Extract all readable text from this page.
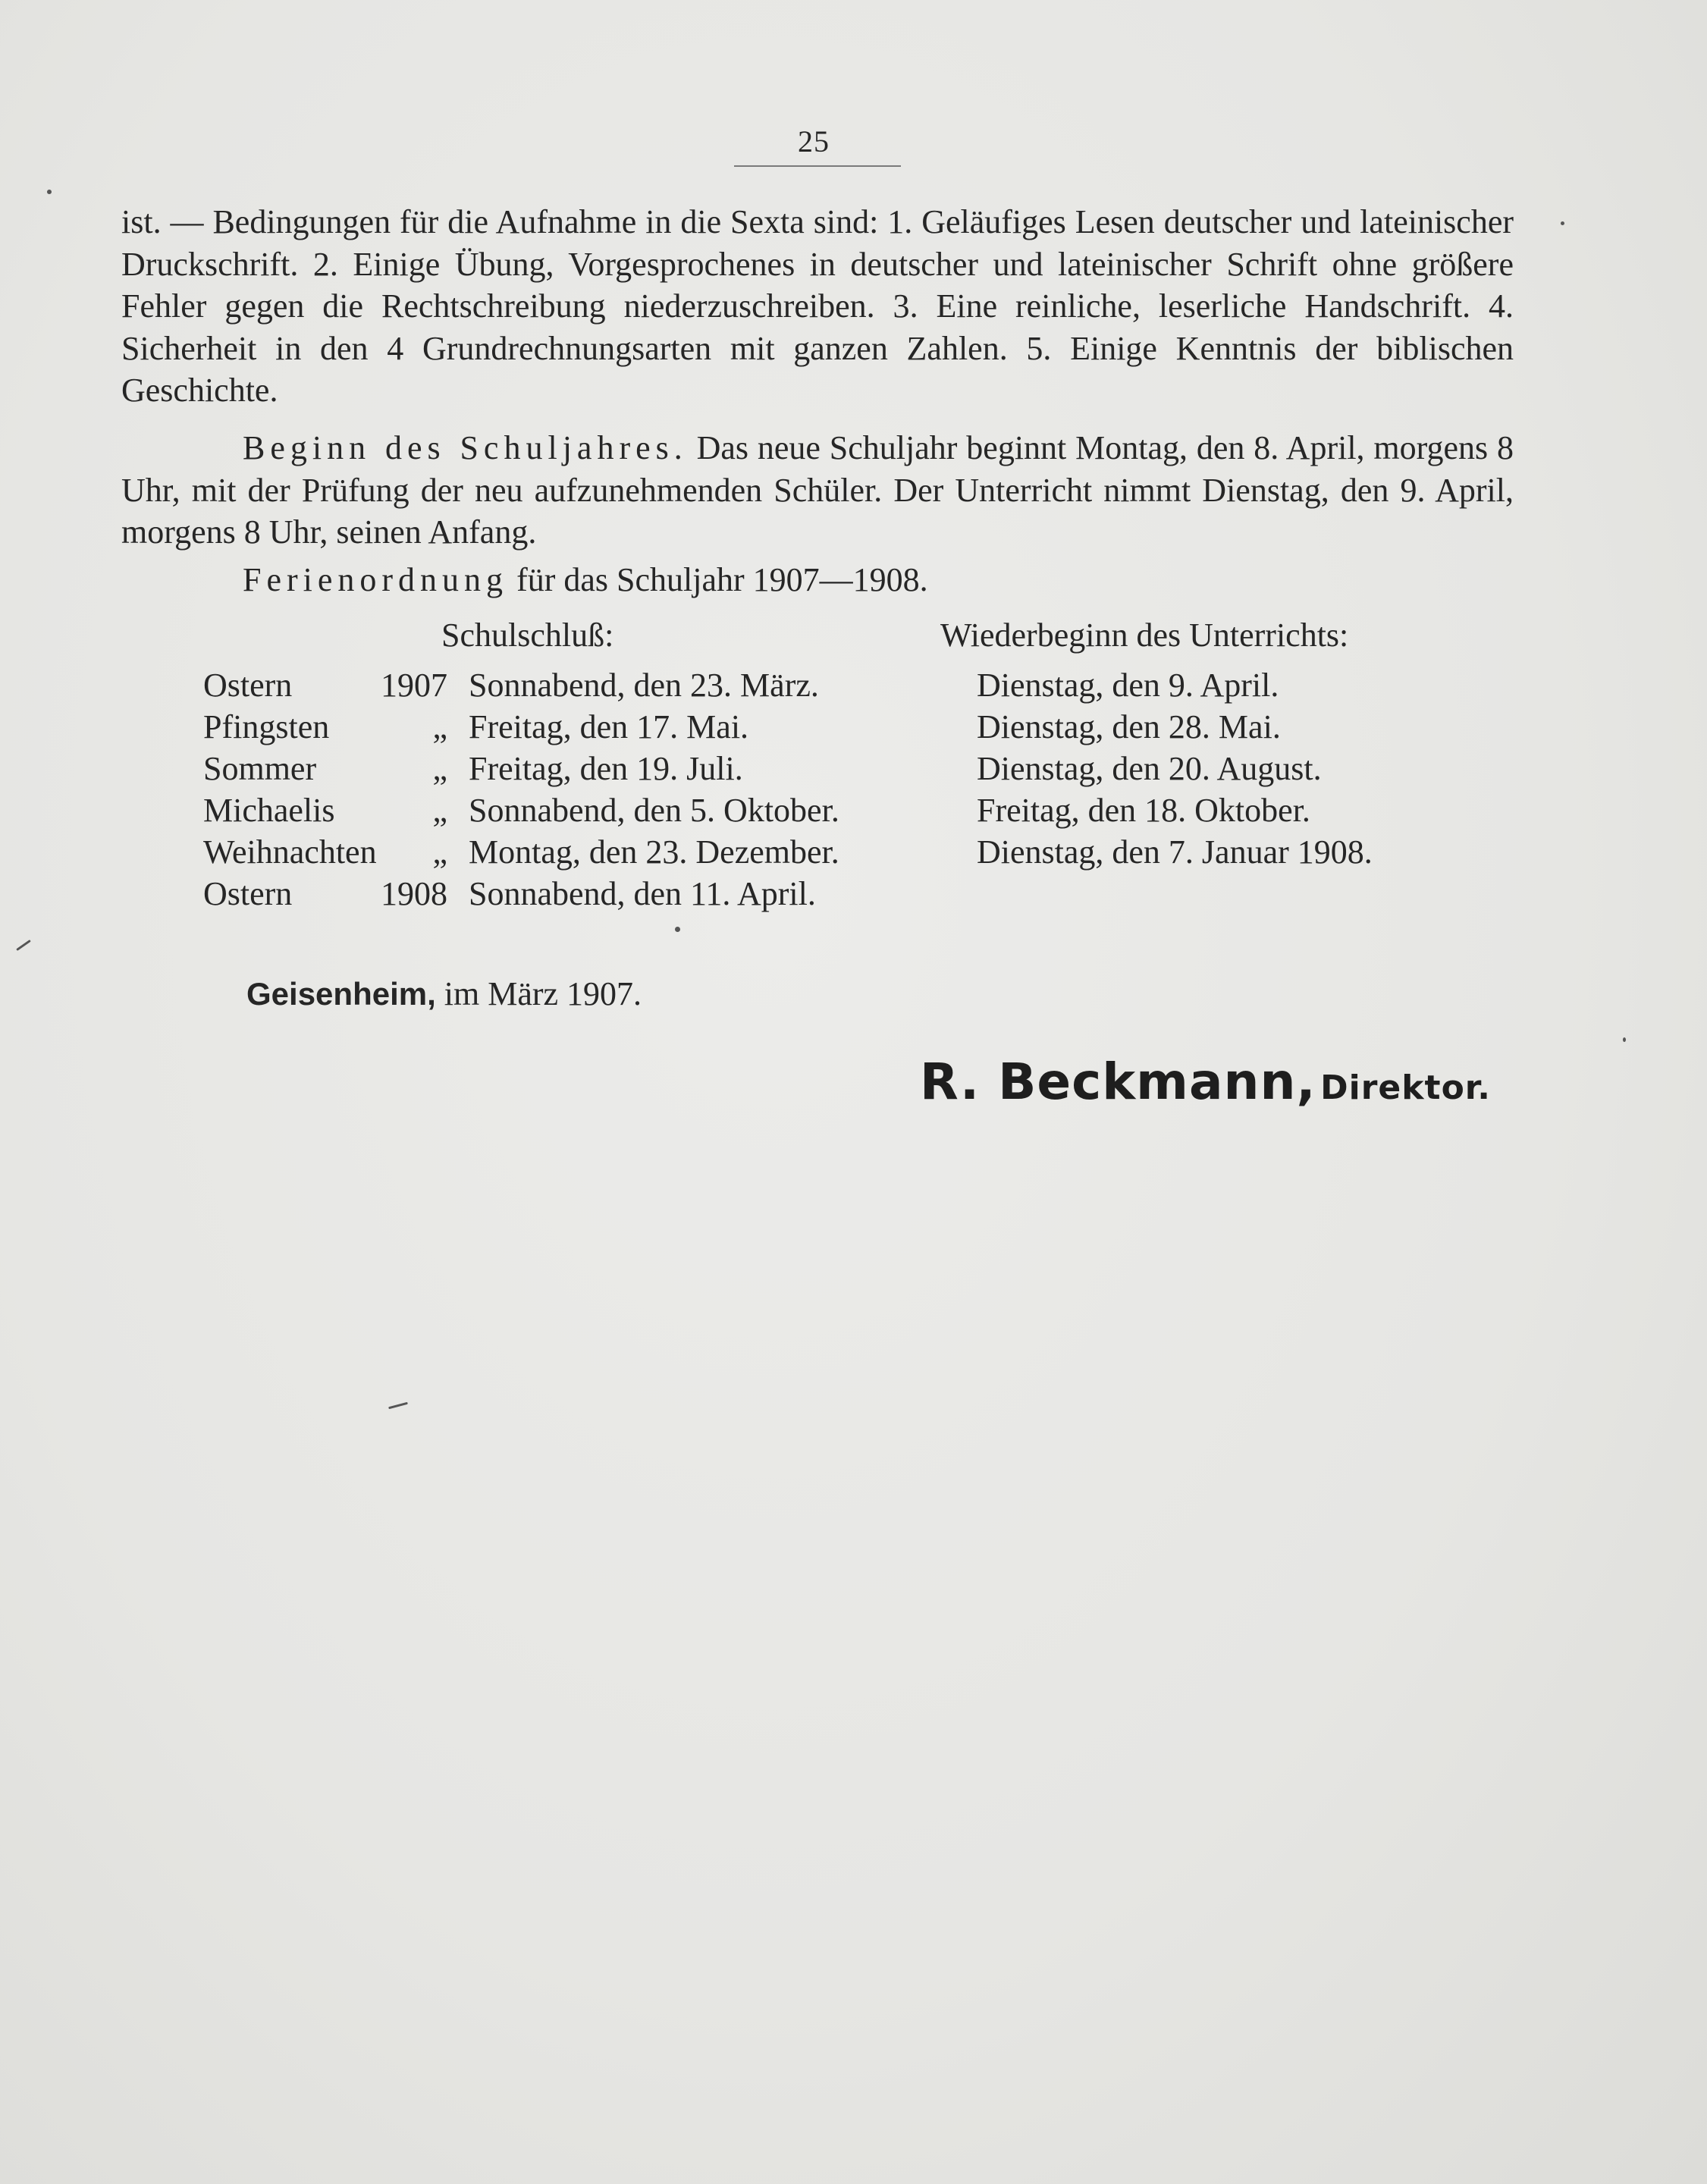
25
ist. — Bedingungen für die Aufnahme in die Sexta sind: 1. Geläufiges Lesen deutscher und lateinischer Druckschrift. 2. Einige Übung, Vorgesprochenes in deutscher und lateinischer Schrift ohne größere Fehler gegen die Rechtschreibung niederzuschreiben. 3. Eine reinliche, leserliche Handschrift. 4. Sicherheit in den 4 Grundrechnungsarten mit ganzen Zahlen. 5. Einige Kenntnis der biblischen Geschichte.
Beginn des Schuljahres. Das neue Schuljahr beginnt Montag, den 8. April, morgens 8 Uhr, mit der Prüfung der neu aufzunehmenden Schüler. Der Unterricht nimmt Dienstag, den 9. April, morgens 8 Uhr, seinen Anfang.
Ferienordnung für das Schuljahr 1907—1908.
Schulschluß:	Wiederbeginn des Unterrichts:
Ostern	1907 Sonnabend, den 23. März.	Dienstag, den 9. April.
Pfingsten	„ Freitag, den 17. Mai.	Dienstag, den 28. Mai.
Sommer	„ Freitag, den 19. Juli.	Dienstag, den 20. August.
Michaelis	„ Sonnabend, den 5. Oktober.	Freitag, den 18. Oktober.
Weihnachten	„ Montag, den 23. Dezember.	Dienstag, den 7. Januar 1908.
Ostern	1908 Sonnabend, den 11. April.
Geisenheim, im März 1907.
R. Beckmann, Direktor.
